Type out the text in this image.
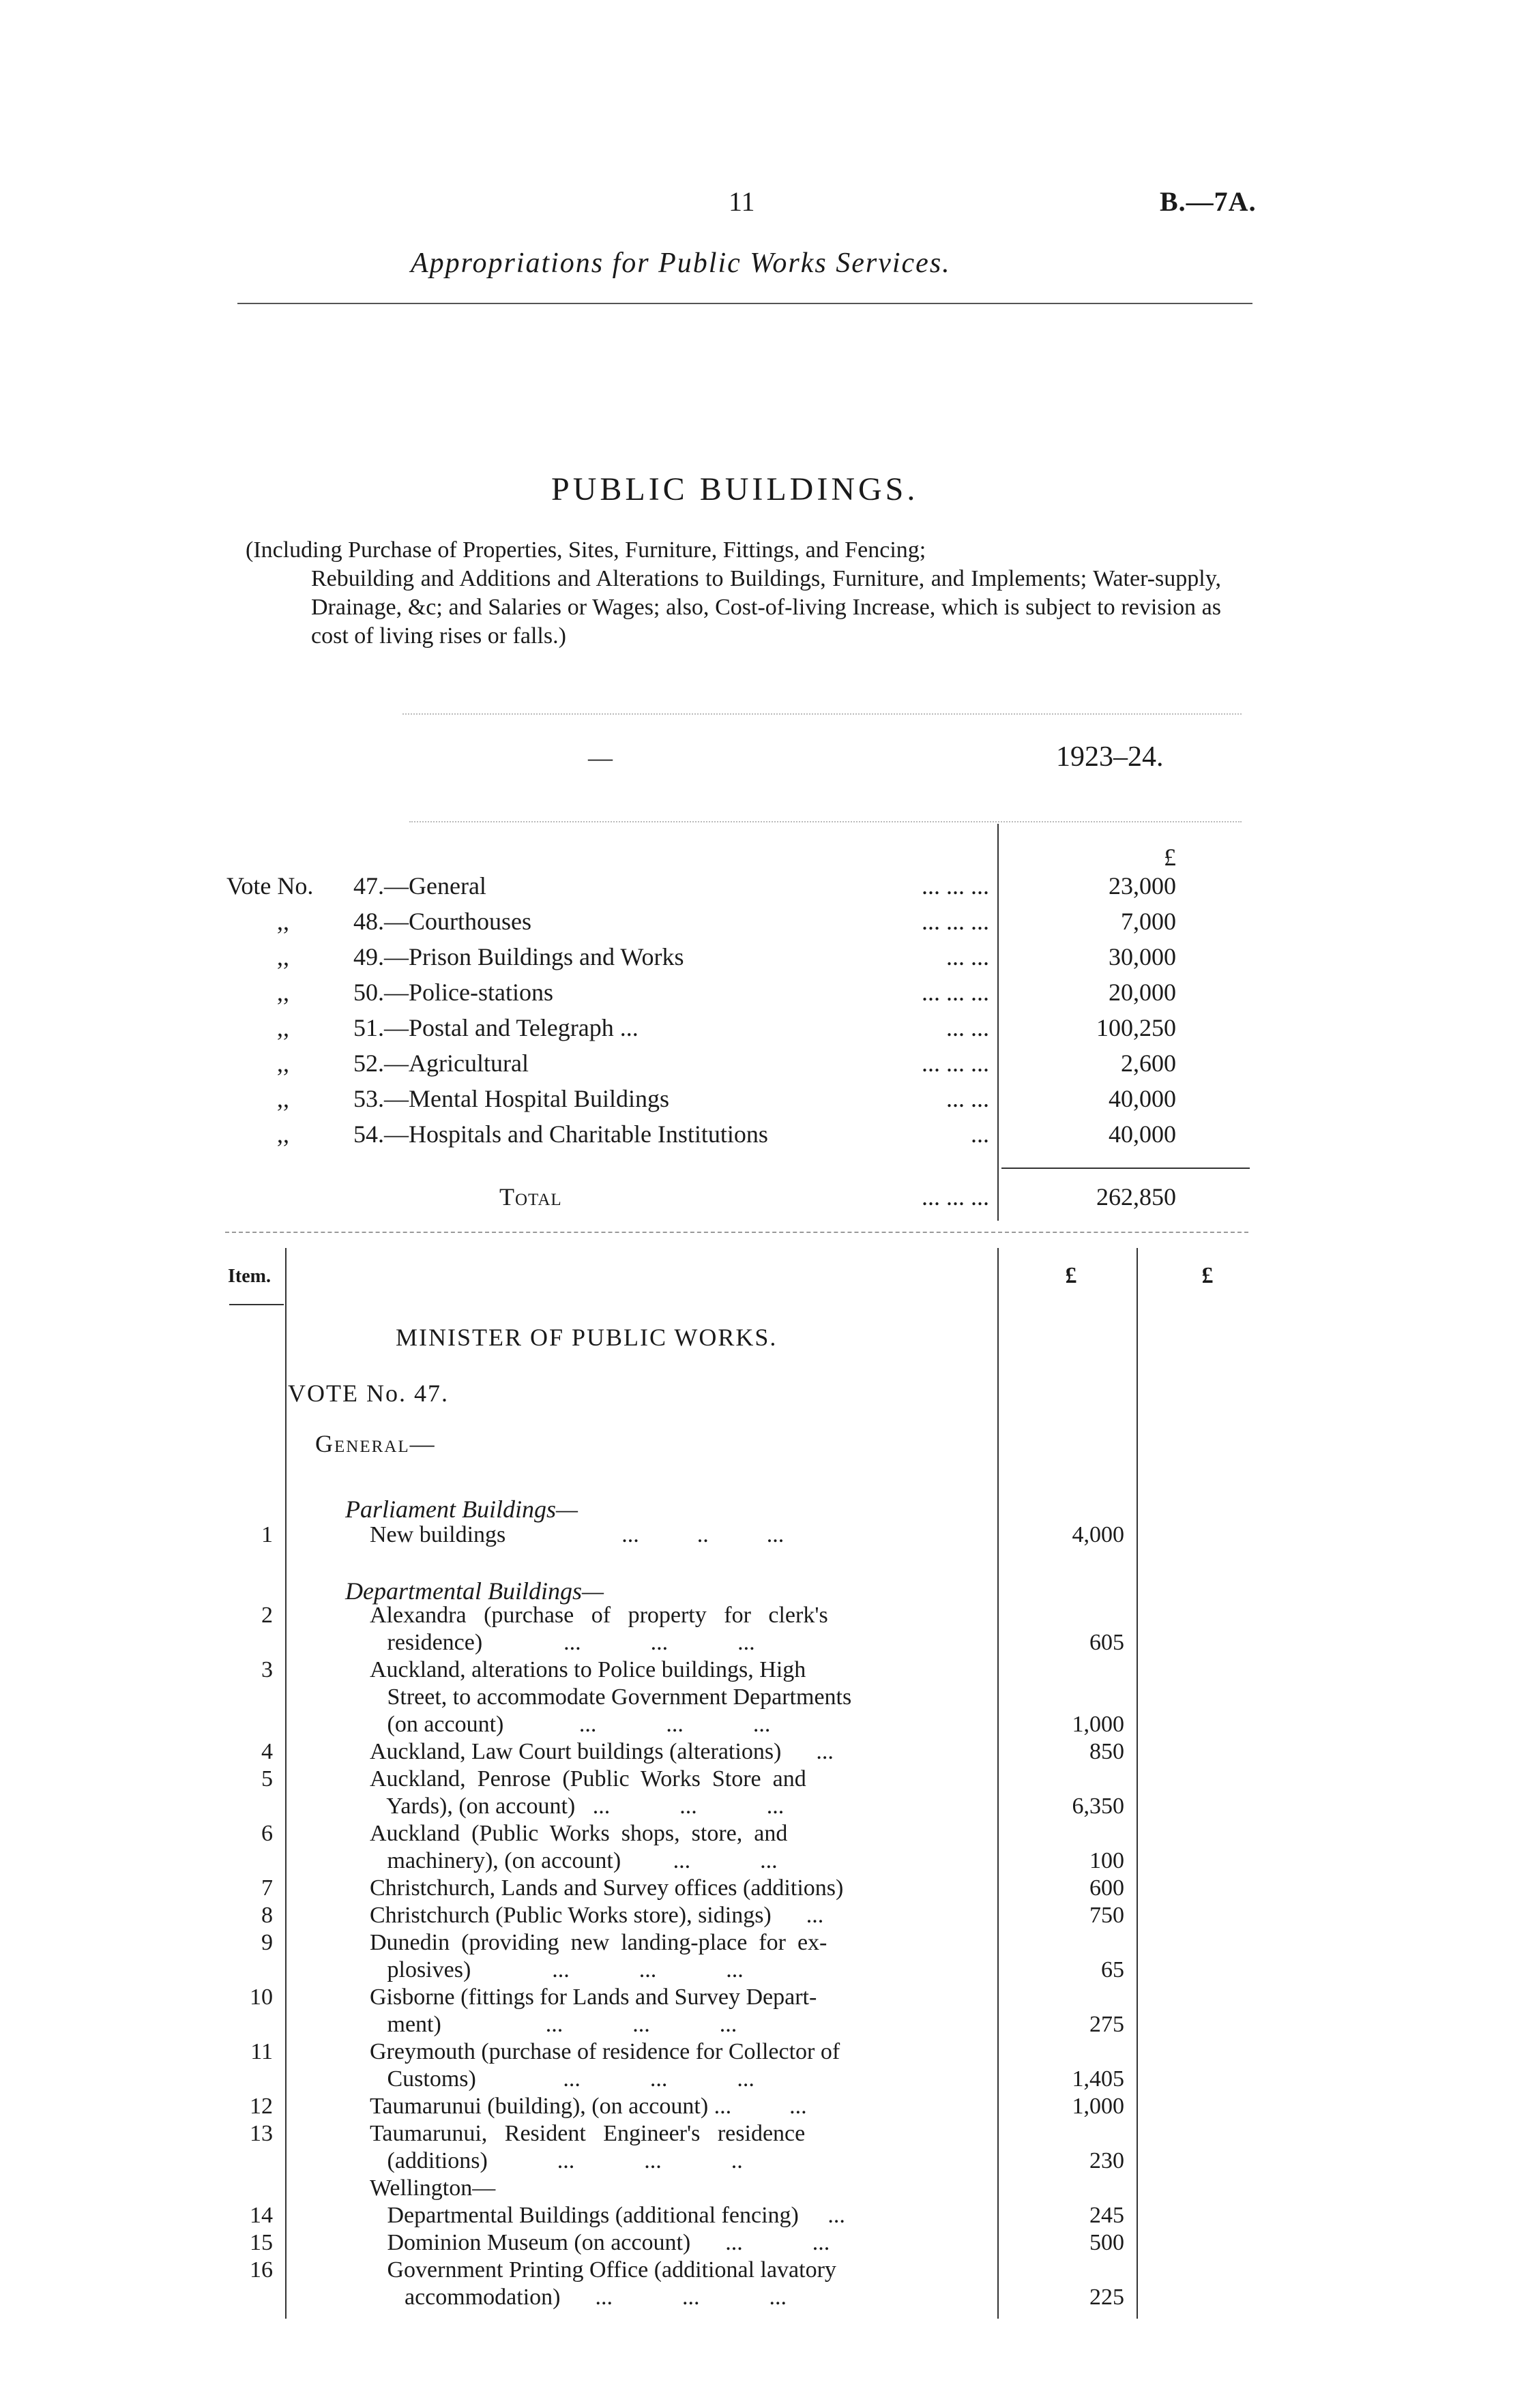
11	B.—7A.
Appropriations for Public Works Services.
PUBLIC BUILDINGS.
(Including Purchase of Properties, Sites, Furniture, Fittings, and Fencing;
Rebuilding and Additions and Alterations to Buildings, Furniture, and Implements; Water-supply, Drainage, &c; and Salaries or Wages; also, Cost-of-living Increase, which is subject to revision as cost of living rises or falls.)
—	1923–24.
£
Vote No. 47.—General	... ... ...	23,000
,,	48.—Courthouses	... ... ...	7,000
,,	49.—Prison Buildings and Works	... ...	30,000
,,	50.—Police-stations	... ... ...	20,000
,,	51.—Postal and Telegraph ...	... ...	100,250
,,	52.—Agricultural	... ... ...	2,600
,,	53.—Mental Hospital Buildings	... ...	40,000
,,	54.—Hospitals and Charitable Institutions	...	40,000
Total	... ... ...	262,850
Item.	£	£
MINISTER OF PUBLIC WORKS.
VOTE No. 47.
General—
Parliament Buildings—
1	New buildings                    ...          ..          ...	4,000
Departmental Buildings—
2	Alexandra   (purchase   of   property   for   clerk's
residence)              ...            ...            ...	605
3	Auckland, alterations to Police buildings, High
Street, to accommodate Government Departments
(on account)             ...            ...            ...	1,000
4	Auckland, Law Court buildings (alterations)      ...	850
5	Auckland,  Penrose  (Public  Works  Store  and
Yards), (on account)   ...            ...            ...	6,350
6	Auckland  (Public  Works  shops,  store,  and
machinery), (on account)         ...            ...	100
7	Christchurch, Lands and Survey offices (additions)	600
8	Christchurch (Public Works store), sidings)      ...	750
9	Dunedin  (providing  new  landing-place  for  ex-
plosives)              ...            ...            ...	65
10	Gisborne (fittings for Lands and Survey Depart-
ment)                  ...            ...            ...	275
11	Greymouth (purchase of residence for Collector of
Customs)               ...            ...            ...	1,405
12	Taumarunui (building), (on account) ...          ...	1,000
13	Taumarunui,   Resident   Engineer's   residence
(additions)            ...            ...            ..	230
Wellington—
14	Departmental Buildings (additional fencing)     ...	245
15	Dominion Museum (on account)      ...            ...	500
16	Government Printing Office (additional lavatory
accommodation)      ...            ...            ...	225
